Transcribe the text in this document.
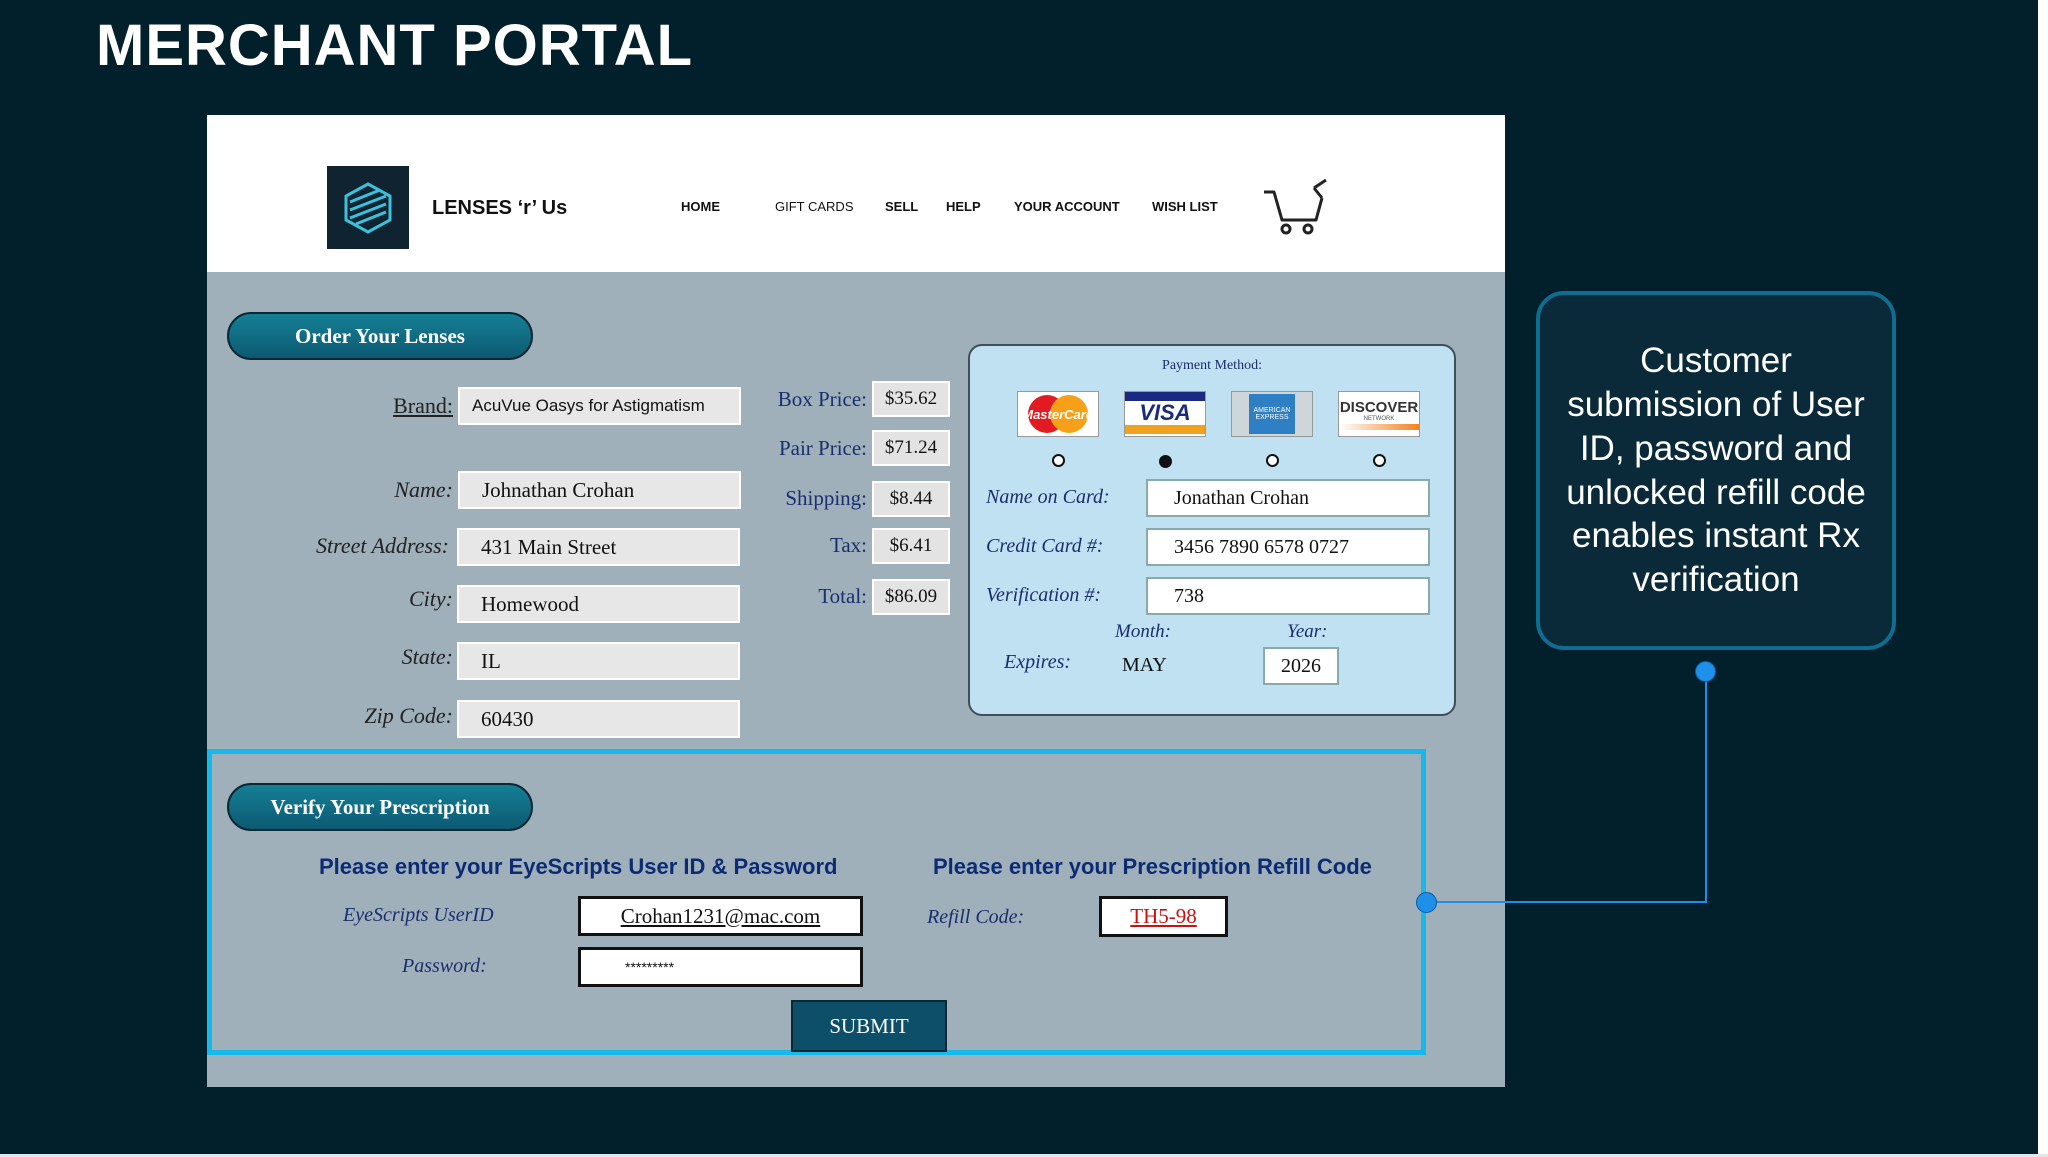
MERCHANT PORTAL
LENSES ‘r’ Us	HOME	GIFT CARDS SELL HELP	YOUR ACCOUNT WISH LIST
Order Your Lenses
Brand:	AcuVue Oasys for Astigmatism
Name:	Johnathan Crohan
Street Address:	431 Main Street
City:	Homewood
State:	IL
Zip Code:	60430
Box Price: $35.62
Pair Price: $71.24
Shipping:	$8.44
Tax:	$6.41
Total: $86.09
Payment Method:
MasterCard	VISA	AMERICAN EXPRESS
DISCOVER
NETWORK
Name on Card:	Jonathan Crohan
Credit Card #:	3456 7890 6578 0727
Verification #:	738
Month:	Year:
Expires:	MAY	2026
Verify Your Prescription
Please enter your EyeScripts User ID & Password	Please enter your Prescription Refill Code
EyeScripts UserID	Crohan1231@mac.com
Password:	*********
Refill Code:	TH5-98
SUBMIT
Customer submission of User ID, password and unlocked refill code enables instant Rx verification
